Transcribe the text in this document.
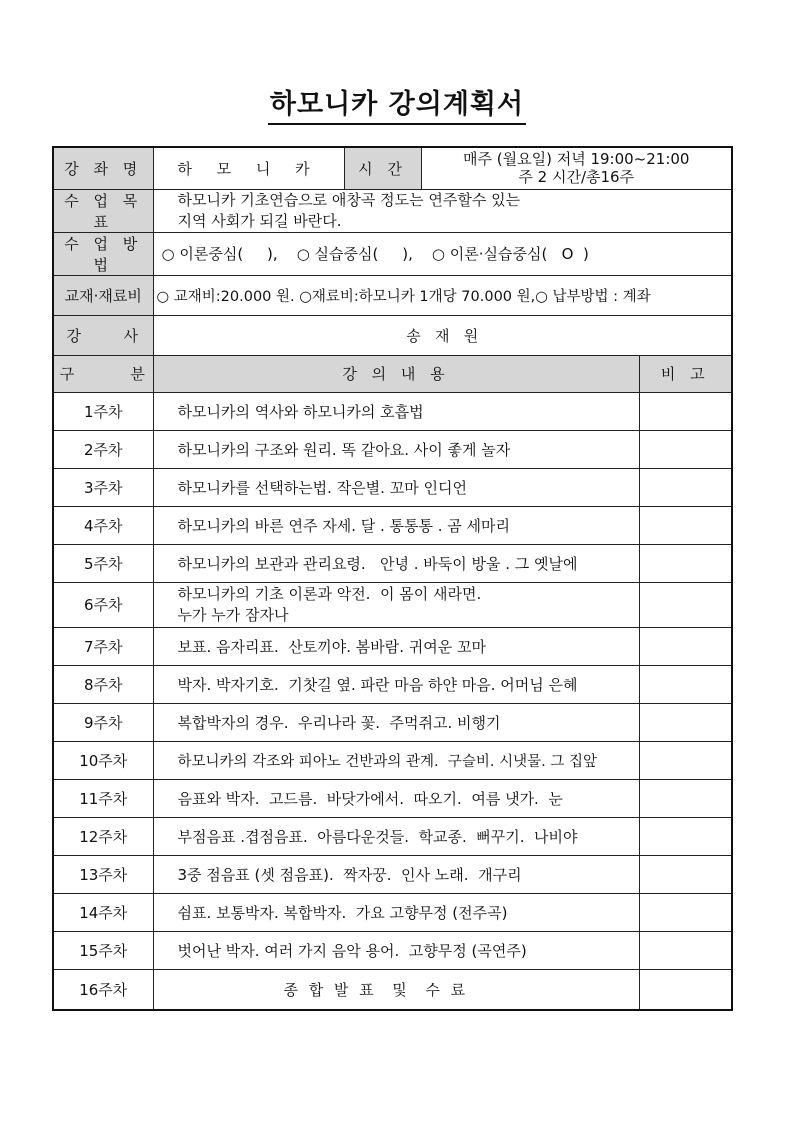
하모니카 강의계획서
강 좌 명	하 모 니 카	시 간	매주 (월요일) 저녁 19:00~21:00
주 2 시간/총16주	

수 업 목 표	하모니카 기초연습으로 애창곡 정도는 연주할수 있는
지역 사회가 되길 바란다.			

수 업 방 법	○ 이론중심(     ),    ○ 실습중심(     ),    ○ 이론·실습중심(   O  )			
교재·재료비	○ 교재비:20.000 원. ○재료비:하모니카 1개당 70.000 원,○ 납부방법 : 계좌			
강      사	송   재   원			
구        분	강 의 내 용			비 고
1주차	하모니카의 역사와 하모니카의 호흡법			
2주차	하모니카의 구조와 원리. 똑 같아요. 사이 좋게 놀자			
3주차	하모니카를 선택하는법. 작은별. 꼬마 인디언			
4주차	하모니카의 바른 연주 자세. 달 . 통통통 . 곰 세마리			
5주차	하모니카의 보관과 관리요령.   안녕 . 바둑이 방울 . 그 옛날에			
6주차	하모니카의 기초 이론과 악전.  이 몸이 새라면.
누가 누가 잠자나			

7주차	보표. 음자리표.  산토끼야. 봄바람. 귀여운 꼬마			
8주차	박자. 박자기호.  기찻길 옆. 파란 마음 하얀 마음. 어머님 은혜			
9주차	복합박자의 경우.  우리나라 꽃.  주먹쥐고. 비행기			
10주차	하모니카의 각조와 피아노 건반과의 관계.  구슬비. 시냇물. 그 집앞			
11주차	음표와 박자.  고드름.  바닷가에서.  따오기.  여름 냇가.  눈			
12주차	부점음표 .겹점음표.  아름다운것들.  학교종.  뻐꾸기.  나비야			
13주차	3중 점음표 (셋 점음표).  짝자꿍.  인사 노래.  개구리			
14주차	쉼표. 보통박자. 복합박자.  가요 고향무정 (전주곡)			
15주차	벗어난 박자. 여러 가지 음악 용어.  고향무정 (곡연주)			
16주차	종 합 발 표  및  수 료			
